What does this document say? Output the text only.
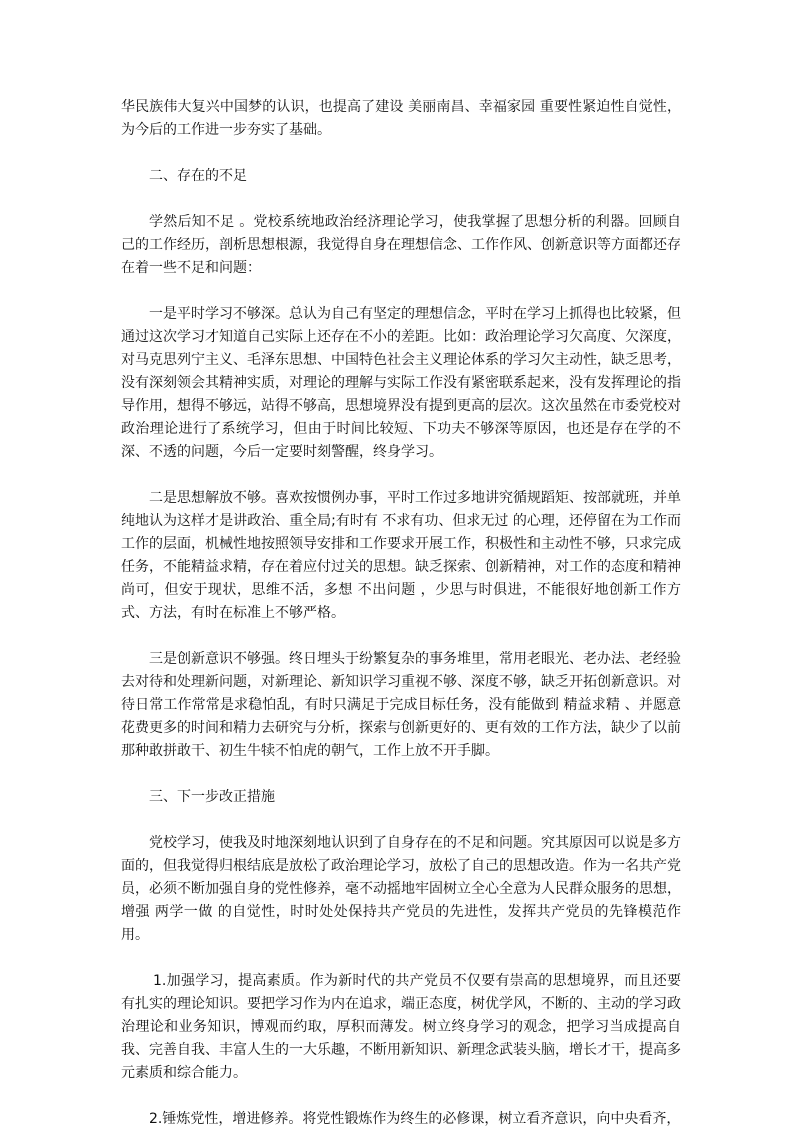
华民族伟大复兴中国梦的认识，也提高了建设 美丽南昌、幸福家园 重要性紧迫性自觉性，为今后的工作进一步夯实了基础。

二、存在的不足

学然后知不足 。党校系统地政治经济理论学习，使我掌握了思想分析的利器。回顾自己的工作经历，剖析思想根源，我觉得自身在理想信念、工作作风、创新意识等方面都还存在着一些不足和问题：

一是平时学习不够深。总认为自己有坚定的理想信念，平时在学习上抓得也比较紧，但通过这次学习才知道自己实际上还存在不小的差距。比如：政治理论学习欠高度、欠深度，对马克思列宁主义、毛泽东思想、中国特色社会主义理论体系的学习欠主动性，缺乏思考，没有深刻领会其精神实质，对理论的理解与实际工作没有紧密联系起来，没有发挥理论的指导作用，想得不够远，站得不够高，思想境界没有提到更高的层次。这次虽然在市委党校对政治理论进行了系统学习，但由于时间比较短、下功夫不够深等原因，也还是存在学的不深、不透的问题，今后一定要时刻警醒，终身学习。

二是思想解放不够。喜欢按惯例办事，平时工作过多地讲究循规蹈矩、按部就班，并单纯地认为这样才是讲政治、重全局;有时有 不求有功、但求无过 的心理，还停留在为工作而工作的层面，机械性地按照领导安排和工作要求开展工作，积极性和主动性不够，只求完成任务，不能精益求精，存在着应付过关的思想。缺乏探索、创新精神，对工作的态度和精神尚可，但安于现状，思维不活，多想 不出问题 ，少思与时俱进，不能很好地创新工作方式、方法，有时在标准上不够严格。

三是创新意识不够强。终日埋头于纷繁复杂的事务堆里，常用老眼光、老办法、老经验去对待和处理新问题，对新理论、新知识学习重视不够、深度不够，缺乏开拓创新意识。对待日常工作常常是求稳怕乱，有时只满足于完成目标任务，没有能做到 精益求精 、并愿意花费更多的时间和精力去研究与分析，探索与创新更好的、更有效的工作方法，缺少了以前那种敢拼敢干、初生牛犊不怕虎的朝气，工作上放不开手脚。

三、下一步改正措施

党校学习，使我及时地深刻地认识到了自身存在的不足和问题。究其原因可以说是多方面的，但我觉得归根结底是放松了政治理论学习，放松了自己的思想改造。作为一名共产党员，必须不断加强自身的党性修养，毫不动摇地牢固树立全心全意为人民群众服务的思想，增强 两学一做 的自觉性，时时处处保持共产党员的先进性，发挥共产党员的先锋模范作用。

1.加强学习，提高素质。作为新时代的共产党员不仅要有崇高的思想境界，而且还要有扎实的理论知识。要把学习作为内在追求，端正态度，树优学风，不断的、主动的学习政治理论和业务知识，博观而约取，厚积而薄发。树立终身学习的观念，把学习当成提高自我、完善自我、丰富人生的一大乐趣，不断用新知识、新理念武装头脑，增长才干，提高多元素质和综合能力。

2.锤炼党性，增进修养。将党性锻炼作为终生的必修课，树立看齐意识，向中央看齐，
